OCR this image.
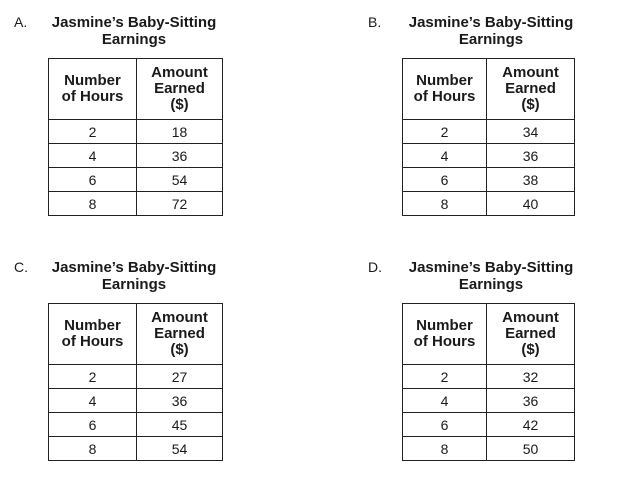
A.	Jasmine’s Baby-Sitting
Earnings
Number
of Hours	Amount
Earned
($)

2	18
4	36
6	54
8	72
B.	Jasmine’s Baby-Sitting
Earnings
Number
of Hours	Amount
Earned
($)

2	34
4	36
6	38
8	40
C.	Jasmine’s Baby-Sitting
Earnings
Number
of Hours	Amount
Earned
($)

2	27
4	36
6	45
8	54
D.	Jasmine’s Baby-Sitting
Earnings
Number
of Hours	Amount
Earned
($)

2	32
4	36
6	42
8	50
